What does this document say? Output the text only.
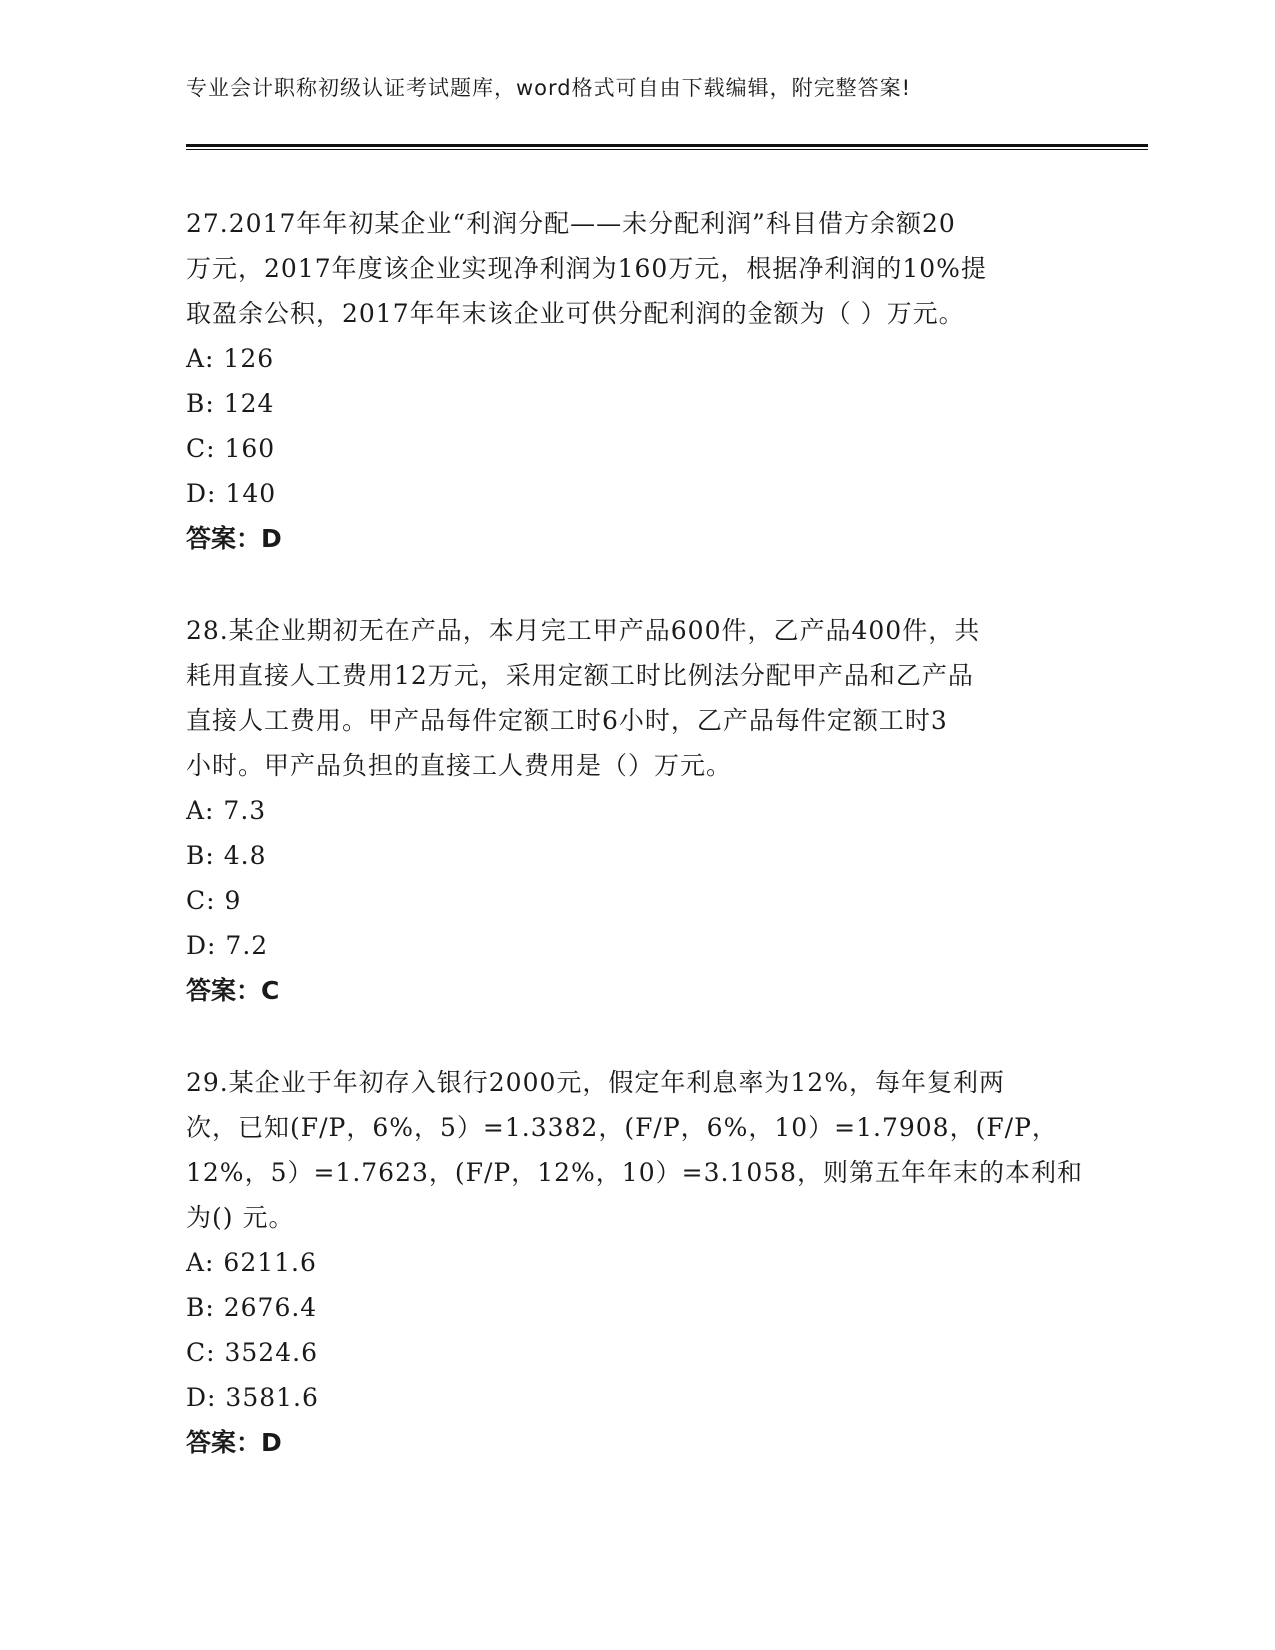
专业会计职称初级认证考试题库，word格式可自由下载编辑，附完整答案!
27.2017年年初某企业“利润分配——未分配利润”科目借方余额20
万元，2017年度该企业实现净利润为160万元，根据净利润的10%提
取盈余公积，2017年年末该企业可供分配利润的金额为（ ）万元。
A: 126
B: 124
C: 160
D: 140
答案：D
28.某企业期初无在产品，本月完工甲产品600件，乙产品400件，共
耗用直接人工费用12万元，采用定额工时比例法分配甲产品和乙产品
直接人工费用。甲产品每件定额工时6小时，乙产品每件定额工时3
小时。甲产品负担的直接工人费用是（）万元。
A: 7.3
B: 4.8
C: 9
D: 7.2
答案：C
29.某企业于年初存入银行2000元，假定年利息率为12%，每年复利两
次，已知(F/P，6%，5）=1.3382，(F/P，6%，10）=1.7908，(F/P，
12%，5）=1.7623，(F/P，12%，10）=3.1058，则第五年年末的本利和
为() 元。
A: 6211.6
B: 2676.4
C: 3524.6
D: 3581.6
答案：D
